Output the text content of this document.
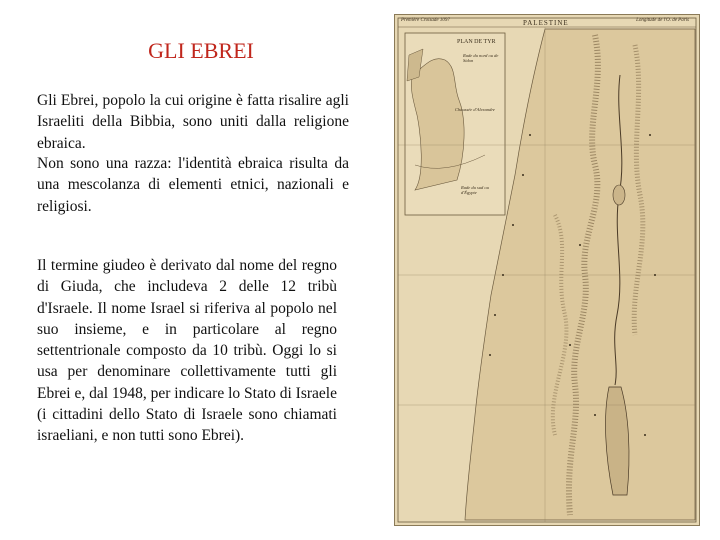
GLI EBREI

Gli Ebrei, popolo la cui origine è fatta risalire agli Israeliti della Bibbia, sono uniti dalla religione ebraica.

Non sono una razza: l'identità ebraica risulta da una mescolanza di elementi etnici, nazionali e religiosi.

Il termine giudeo è derivato dal nome del regno di Giuda, che includeva 2 delle 12 tribù d'Israele. Il nome Israel si riferiva al popolo nel suo insieme, e in particolare al regno settentrionale composto da 10 tribù. Oggi lo si usa per denominare collettivamente tutti gli Ebrei e, dal 1948, per indicare lo Stato di Israele (i cittadini dello Stato di Israele sono chiamati israeliani, e non tutti sono Ebrei).

Première Croisade 1097	PALESTINE	Longitude de l'O. de Paris
PLAN DE TYR
Rade du nord ou de Sidon
Chaussée d'Alexandre
Rade du sud ou d'Égypte
